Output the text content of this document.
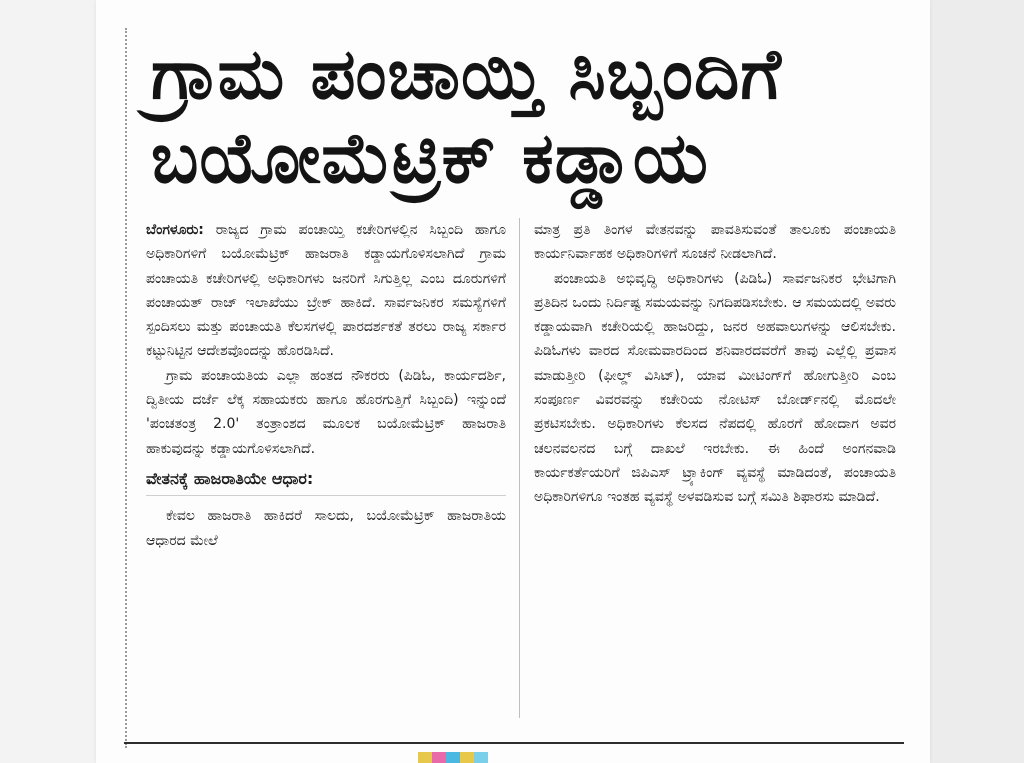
ಗ್ರಾಮ ಪಂಚಾಯ್ತಿ ಸಿಬ್ಬಂದಿಗೆ
ಬಯೋಮೆಟ್ರಿಕ್ ಕಡ್ಡಾಯ

ಬೆಂಗಳೂರು: ರಾಜ್ಯದ ಗ್ರಾಮ ಪಂಚಾಯ್ತಿ ಕಚೇರಿಗಳಲ್ಲಿನ ಸಿಬ್ಬಂದಿ ಹಾಗೂ ಅಧಿಕಾರಿಗಳಿಗೆ ಬಯೋಮೆಟ್ರಿಕ್ ಹಾಜರಾತಿ ಕಡ್ಡಾಯಗೊಳಿಸಲಾಗಿದೆ ಗ್ರಾಮ ಪಂಚಾಯತಿ ಕಚೇರಿಗಳಲ್ಲಿ ಅಧಿಕಾರಿಗಳು ಜನರಿಗೆ ಸಿಗುತ್ತಿಲ್ಲ ಎಂಬ ದೂರುಗಳಿಗೆ ಪಂಚಾಯತ್ ರಾಜ್ ಇಲಾಖೆಯು ಬ್ರೇಕ್ ಹಾಕಿದೆ. ಸಾರ್ವಜನಿಕರ ಸಮಸ್ಯೆಗಳಿಗೆ ಸ್ಪಂದಿಸಲು ಮತ್ತು ಪಂಚಾಯತಿ ಕೆಲಸಗಳಲ್ಲಿ ಪಾರದರ್ಶಕತೆ ತರಲು ರಾಜ್ಯ ಸರ್ಕಾರ ಕಟ್ಟುನಿಟ್ಟಿನ ಆದೇಶವೊಂದನ್ನು ಹೊರಡಿಸಿದೆ.

ಗ್ರಾಮ ಪಂಚಾಯತಿಯ ಎಲ್ಲಾ ಹಂತದ ನೌಕರರು (ಪಿಡಿಓ, ಕಾರ್ಯದರ್ಶಿ, ದ್ವಿತೀಯ ದರ್ಜೆ ಲೆಕ್ಕ ಸಹಾಯಕರು ಹಾಗೂ ಹೊರಗುತ್ತಿಗೆ ಸಿಬ್ಬಂದಿ) ಇನ್ನುಂದೆ 'ಪಂಚತಂತ್ರ 2.0' ತಂತ್ರಾಂಶದ ಮೂಲಕ ಬಯೋಮೆಟ್ರಿಕ್ ಹಾಜರಾತಿ ಹಾಕುವುದನ್ನು ಕಡ್ಡಾಯಗೊಳಿಸಲಾಗಿದೆ.

ವೇತನಕ್ಕೆ ಹಾಜರಾತಿಯೇ ಆಧಾರ:

ಕೇವಲ ಹಾಜರಾತಿ ಹಾಕಿದರೆ ಸಾಲದು, ಬಯೋಮೆಟ್ರಿಕ್ ಹಾಜರಾತಿಯ ಆಧಾರದ ಮೇಲೆ

ಮಾತ್ರ ಪ್ರತಿ ತಿಂಗಳ ವೇತನವನ್ನು ಪಾವತಿಸುವಂತೆ ತಾಲೂಕು ಪಂಚಾಯತಿ ಕಾರ್ಯನಿರ್ವಾಹಕ ಅಧಿಕಾರಿಗಳಿಗೆ ಸೂಚನೆ ನೀಡಲಾಗಿದೆ.

ಪಂಚಾಯತಿ ಅಭಿವೃದ್ಧಿ ಅಧಿಕಾರಿಗಳು (ಪಿಡಿಓ) ಸಾರ್ವಜನಿಕರ ಭೇಟಿಗಾಗಿ ಪ್ರತಿದಿನ ಒಂದು ನಿರ್ದಿಷ್ಟ ಸಮಯವನ್ನು ನಿಗದಿಪಡಿಸಬೇಕು. ಆ ಸಮಯದಲ್ಲಿ ಅವರು ಕಡ್ಡಾಯವಾಗಿ ಕಚೇರಿಯಲ್ಲಿ ಹಾಜರಿದ್ದು, ಜನರ ಅಹವಾಲುಗಳನ್ನು ಆಲಿಸಬೇಕು. ಪಿಡಿಓಗಳು ವಾರದ ಸೋಮವಾರದಿಂದ ಶನಿವಾರದವರೆಗೆ ತಾವು ಎಲ್ಲೆಲ್ಲಿ ಪ್ರವಾಸ ಮಾಡುತ್ತೀರಿ (ಫೀಲ್ಡ್ ವಿಸಿಟ್), ಯಾವ ಮೀಟಿಂಗ್‌ಗೆ ಹೋಗುತ್ತೀರಿ ಎಂಬ ಸಂಪೂರ್ಣ ವಿವರವನ್ನು ಕಚೇರಿಯ ನೋಟಿಸ್ ಬೋರ್ಡ್‌ನಲ್ಲಿ ಮೊದಲೇ ಪ್ರಕಟಿಸಬೇಕು. ಅಧಿಕಾರಿಗಳು ಕೆಲಸದ ನೆಪದಲ್ಲಿ ಹೊರಗೆ ಹೋದಾಗ ಅವರ ಚಲನವಲನದ ಬಗ್ಗೆ ದಾಖಲೆ ಇರಬೇಕು. ಈ ಹಿಂದೆ ಅಂಗನವಾಡಿ ಕಾರ್ಯಕರ್ತೆಯರಿಗೆ ಜಿಪಿಎಸ್ ಟ್ರ್ಯಾಕಿಂಗ್ ವ್ಯವಸ್ಥೆ ಮಾಡಿದಂತೆ, ಪಂಚಾಯತಿ ಅಧಿಕಾರಿಗಳಿಗೂ ಇಂತಹ ವ್ಯವಸ್ಥೆ ಅಳವಡಿಸುವ ಬಗ್ಗೆ ಸಮಿತಿ ಶಿಫಾರಸು ಮಾಡಿದೆ.
